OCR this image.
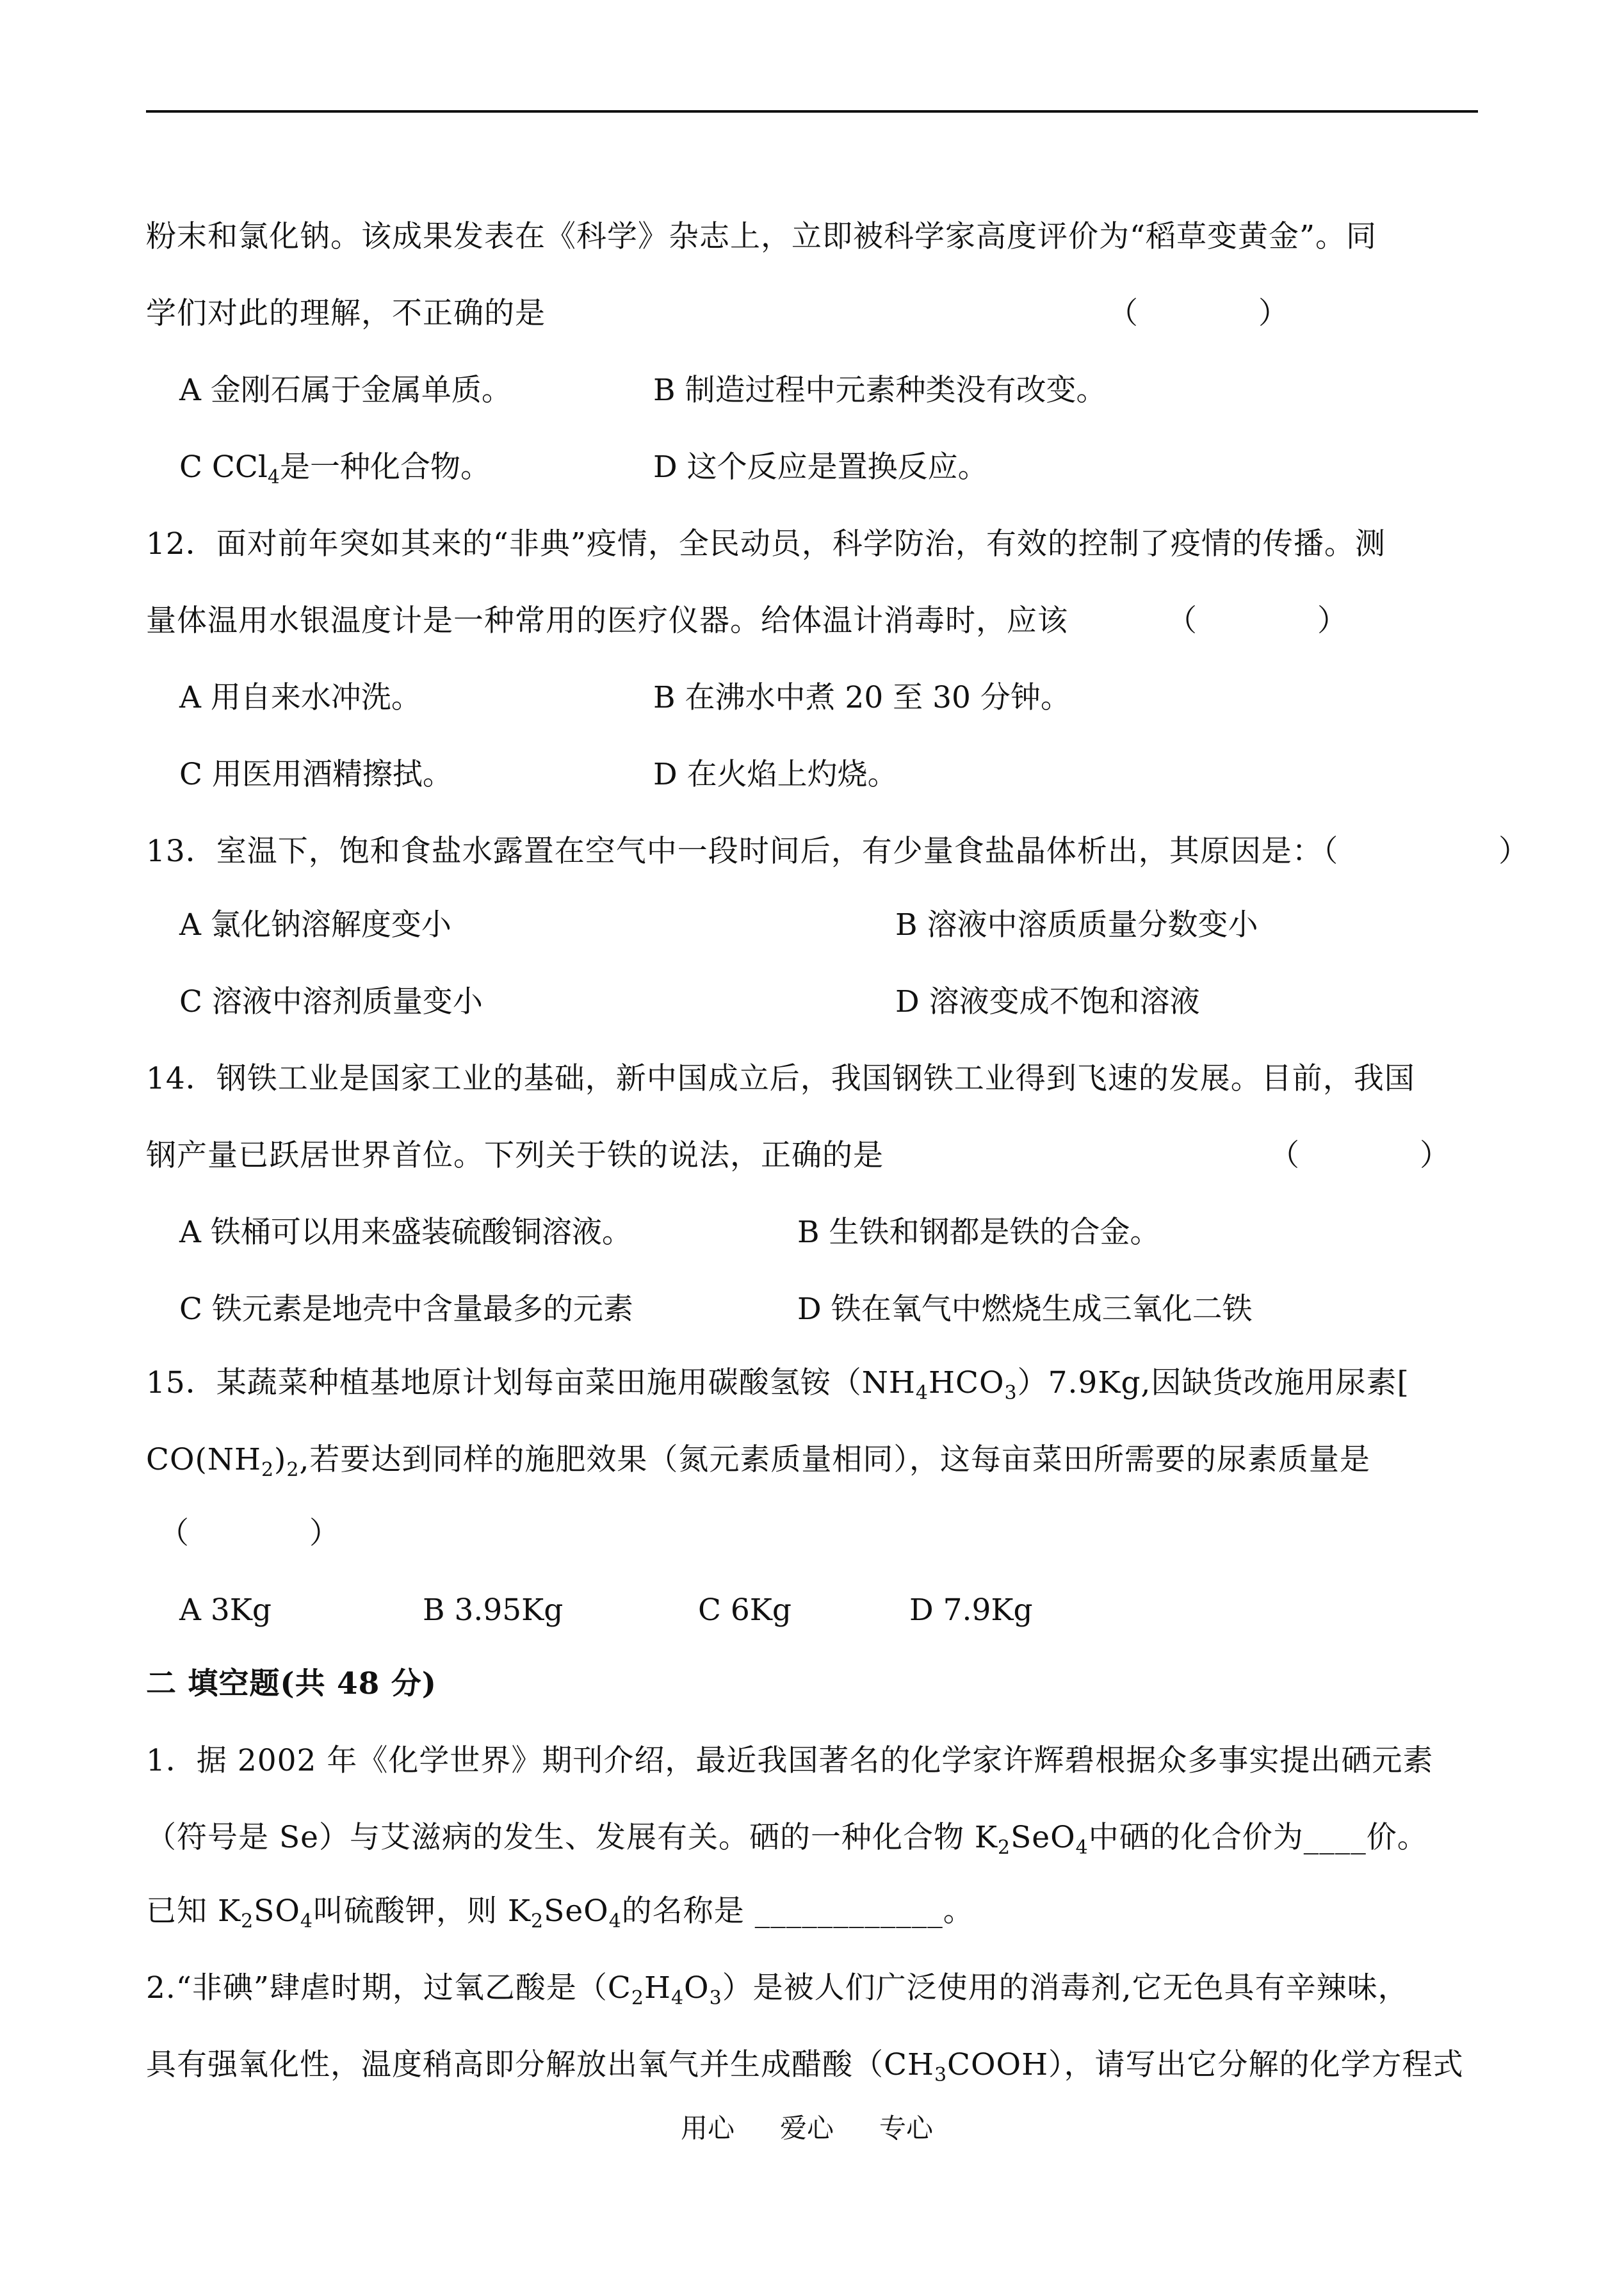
粉末和氯化钠。该成果发表在《科学》杂志上，立即被科学家高度评价为“稻草变黄金”。同
学们对此的理解，不正确的是	（　　　　）
A 金刚石属于金属单质。	B 制造过程中元素种类没有改变。
C CCl$_4$是一种化合物。	D 这个反应是置换反应。
12．面对前年突如其来的“非典”疫情，全民动员，科学防治，有效的控制了疫情的传播。测
量体温用水银温度计是一种常用的医疗仪器。给体温计消毒时，应该	（　　　　）
A 用自来水冲洗。	B 在沸水中煮 20 至 30 分钟。
C 用医用酒精擦拭。	D 在火焰上灼烧。
13．室温下，饱和食盐水露置在空气中一段时间后，有少量食盐晶体析出，其原因是：（	）
A 氯化钠溶解度变小	B 溶液中溶质质量分数变小
C 溶液中溶剂质量变小	D 溶液变成不饱和溶液
14．钢铁工业是国家工业的基础，新中国成立后，我国钢铁工业得到飞速的发展。目前，我国
钢产量已跃居世界首位。下列关于铁的说法，正确的是	（　　　　）
A 铁桶可以用来盛装硫酸铜溶液。	B 生铁和钢都是铁的合金。
C 铁元素是地壳中含量最多的元素	D 铁在氧气中燃烧生成三氧化二铁
15．某蔬菜种植基地原计划每亩菜田施用碳酸氢铵$(NH_4HCO_3)7.9Kg$,因缺货改施用尿素[
$CO(NH_2)_2$,若要达到同样的施肥效果（氮元素质量相同），这每亩菜田所需要的尿素质量是
（　　　　）
A 3Kg	B 3.95Kg	C 6Kg	D 7.9Kg
二 填空题(共 48 分)
1．据 2002 年《化学世界》期刊介绍，最近我国著名的化学家许辉碧根据众多事实提出硒元素
（符号是 Se）与艾滋病的发生、发展有关。硒的一种化合物 $K_2SeO_4$中硒的化合价为____价。
已知 $K_2SO_4$叫硫酸钾，则 $K_2SeO_4$的名称是 ____________。
2.“非碘”肆虐时期，过氧乙酸是$(C_2H_4O_3)$是被人们广泛使用的消毒剂,它无色具有辛辣味，
具有强氧化性，温度稍高即分解放出氧气并生成醋酸$(CH_3COOH)$，请写出它分解的化学方程式
用心 爱心 专心
